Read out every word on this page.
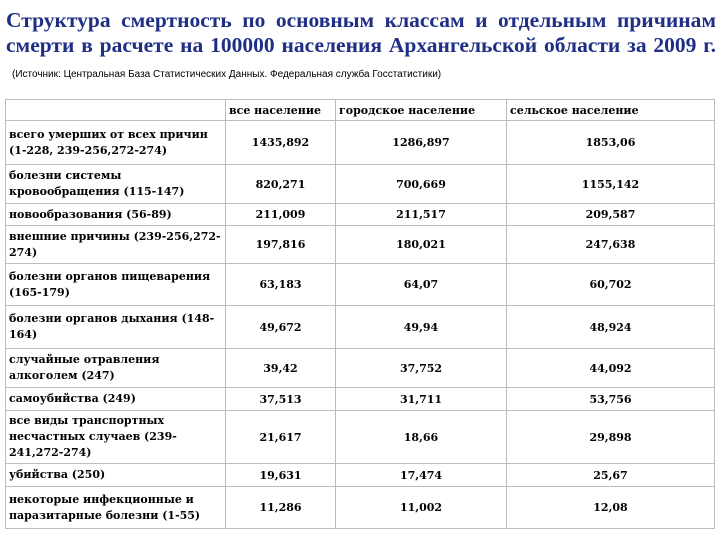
Структура смертность по основным классам и отдельным причинам смерти в расчете на 100000 населения Архангельской области за 2009 г. (Источник: Центральная База Статистических Данных. Федеральная служба Госстатистики)
	все население	городское население	сельское население
всего умерших от всех причин (1-228, 239-256,272-274)	1435,892	1286,897	1853,06
болезни системы кровообращения (115-147)	820,271	700,669	1155,142
новообразования (56-89)	211,009	211,517	209,587
внешние причины (239-256,272-274)	197,816	180,021	247,638
болезни органов пищеварения (165-179)	63,183	64,07	60,702
болезни органов дыхания (148-164)	49,672	49,94	48,924
случайные отравления алкоголем (247)	39,42	37,752	44,092
самоубийства (249)	37,513	31,711	53,756
все виды транспортных несчастных случаев (239-241,272-274)	21,617	18,66	29,898
убийства (250)	19,631	17,474	25,67
некоторые инфекционные и паразитарные болезни (1-55)	11,286	11,002	12,08
